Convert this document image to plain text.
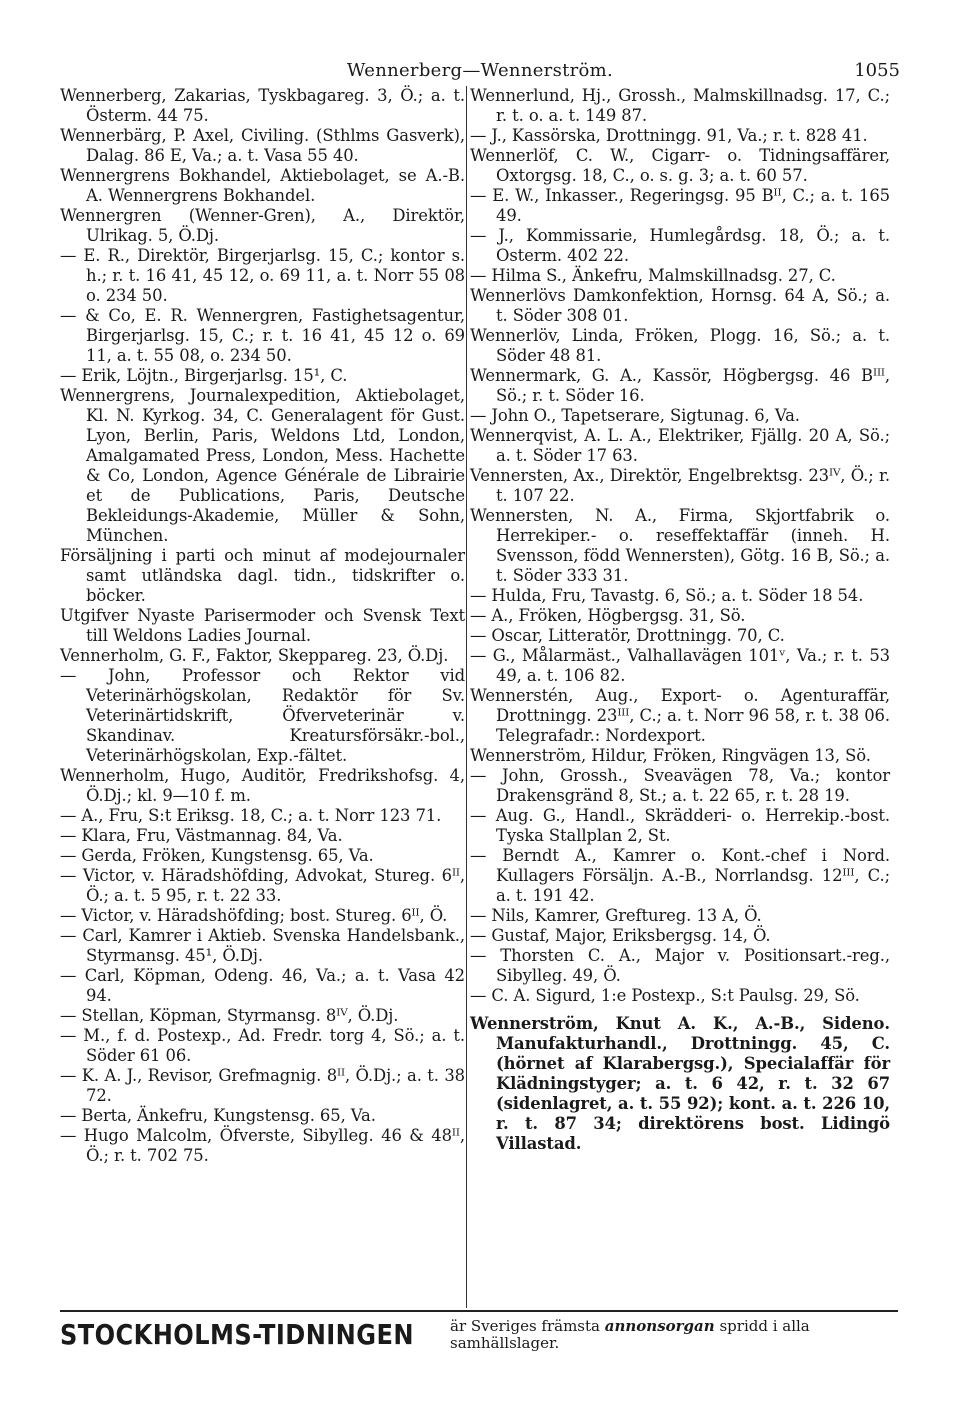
Wennerberg—Wennerström.	1055

Wennerberg, Zakarias, Tyskbagareg. 3, Ö.; a. t. Österm. 44 75.

Wennerbärg, P. Axel, Civiling. (Sthlms Gasverk), Dalag. 86 E, Va.; a. t. Vasa 55 40.

Wennergrens Bokhandel, Aktiebolaget, se A.-B. A. Wennergrens Bokhandel.

Wennergren (Wenner-Gren), A., Direktör, Ulrikag. 5, Ö.Dj.

— E. R., Direktör, Birgerjarlsg. 15, C.; kontor s. h.; r. t. 16 41, 45 12, o. 69 11, a. t. Norr 55 08 o. 234 50.

— & Co, E. R. Wennergren, Fastighetsagentur, Birgerjarlsg. 15, C.; r. t. 16 41, 45 12 o. 69 11, a. t. 55 08, o. 234 50.

— Erik, Löjtn., Birgerjarlsg. 15¹, C.

Wennergrens, Journalexpedition, Aktiebolaget, Kl. N. Kyrkog. 34, C. Generalagent för Gust. Lyon, Berlin, Paris, Weldons Ltd, London, Amalgamated Press, London, Mess. Hachette & Co, London, Agence Générale de Librairie et de Publications, Paris, Deutsche Bekleidungs-Akademie, Müller & Sohn, München.

Försäljning i parti och minut af modejournaler samt utländska dagl. tidn., tidskrifter o. böcker.

Utgifver Nyaste Parisermoder och Svensk Text till Weldons Ladies Journal.

Vennerholm, G. F., Faktor, Skeppareg. 23, Ö.Dj.

— John, Professor och Rektor vid Veterinärhögskolan, Redaktör för Sv. Veterinärtidskrift, Öfverveterinär v. Skandinav. Kreatursförsäkr.-bol., Veterinärhögskolan, Exp.-fältet.

Wennerholm, Hugo, Auditör, Fredrikshofsg. 4, Ö.Dj.; kl. 9—10 f. m.

— A., Fru, S:t Eriksg. 18, C.; a. t. Norr 123 71.

— Klara, Fru, Västmannag. 84, Va.

— Gerda, Fröken, Kungstensg. 65, Va.

— Victor, v. Häradshöfding, Advokat, Stureg. 6ᴵᴵ, Ö.; a. t. 5 95, r. t. 22 33.

— Victor, v. Häradshöfding; bost. Stureg. 6ᴵᴵ, Ö.

— Carl, Kamrer i Aktieb. Svenska Handelsbank., Styrmansg. 45¹, Ö.Dj.

— Carl, Köpman, Odeng. 46, Va.; a. t. Vasa 42 94.

— Stellan, Köpman, Styrmansg. 8ᴵⱽ, Ö.Dj.

— M., f. d. Postexp., Ad. Fredr. torg 4, Sö.; a. t. Söder 61 06.

— K. A. J., Revisor, Grefmagnig. 8ᴵᴵ, Ö.Dj.; a. t. 38 72.

— Berta, Änkefru, Kungstensg. 65, Va.

— Hugo Malcolm, Öfverste, Sibylleg. 46 & 48ᴵᴵ, Ö.; r. t. 702 75.

Wennerlund, Hj., Grossh., Malmskillnadsg. 17, C.; r. t. o. a. t. 149 87.

— J., Kassörska, Drottningg. 91, Va.; r. t. 828 41.

Wennerlöf, C. W., Cigarr- o. Tidningsaffärer, Oxtorgsg. 18, C., o. s. g. 3; a. t. 60 57.

— E. W., Inkasser., Regeringsg. 95 Bᴵᴵ, C.; a. t. 165 49.

— J., Kommissarie, Humlegårdsg. 18, Ö.; a. t. Osterm. 402 22.

— Hilma S., Änkefru, Malmskillnadsg. 27, C.

Wennerlövs Damkonfektion, Hornsg. 64 A, Sö.; a. t. Söder 308 01.

Wennerlöv, Linda, Fröken, Plogg. 16, Sö.; a. t. Söder 48 81.

Wennermark, G. A., Kassör, Högbergsg. 46 Bᴵᴵᴵ, Sö.; r. t. Söder 16.

— John O., Tapetserare, Sigtunag. 6, Va.

Wennerqvist, A. L. A., Elektriker, Fjällg. 20 A, Sö.; a. t. Söder 17 63.

Vennersten, Ax., Direktör, Engelbrektsg. 23ᴵⱽ, Ö.; r. t. 107 22.

Wennersten, N. A., Firma, Skjortfabrik o. Herrekiper.- o. reseffektaffär (inneh. H. Svensson, född Wennersten), Götg. 16 B, Sö.; a. t. Söder 333 31.

— Hulda, Fru, Tavastg. 6, Sö.; a. t. Söder 18 54.

— A., Fröken, Högbergsg. 31, Sö.

— Oscar, Litteratör, Drottningg. 70, C.

— G., Målarmäst., Valhallavägen 101ᵛ, Va.; r. t. 53 49, a. t. 106 82.

Wennerstén, Aug., Export- o. Agenturaffär, Drottningg. 23ᴵᴵᴵ, C.; a. t. Norr 96 58, r. t. 38 06. Telegrafadr.: Nordexport.

Wennerström, Hildur, Fröken, Ringvägen 13, Sö.

— John, Grossh., Sveavägen 78, Va.; kontor Drakensgränd 8, St.; a. t. 22 65, r. t. 28 19.

— Aug. G., Handl., Skrädderi- o. Herrekip.-bost. Tyska Stallplan 2, St.

— Berndt A., Kamrer o. Kont.-chef i Nord. Kullagers Försäljn. A.-B., Norrlandsg. 12ᴵᴵᴵ, C.; a. t. 191 42.

— Nils, Kamrer, Greftureg. 13 A, Ö.

— Gustaf, Major, Eriksbergsg. 14, Ö.

— Thorsten C. A., Major v. Positionsart.-reg., Sibylleg. 49, Ö.

— C. A. Sigurd, 1:e Postexp., S:t Paulsg. 29, Sö.

Wennerström, Knut A. K., A.-B., Sidenо. Manufakturhandl., Drottningg. 45, C. (hörnet af Klarabergsg.), Specialaffär för Klädningstyger; a. t. 6 42, r. t. 32 67 (sidenlagret, a. t. 55 92); kont. a. t. 226 10, r. t. 87 34; direktörens bost. Lidingö Villastad.

STOCKHOLMS-TIDNINGEN är Sveriges främsta annonsorgan spridd i alla samhällslager.
